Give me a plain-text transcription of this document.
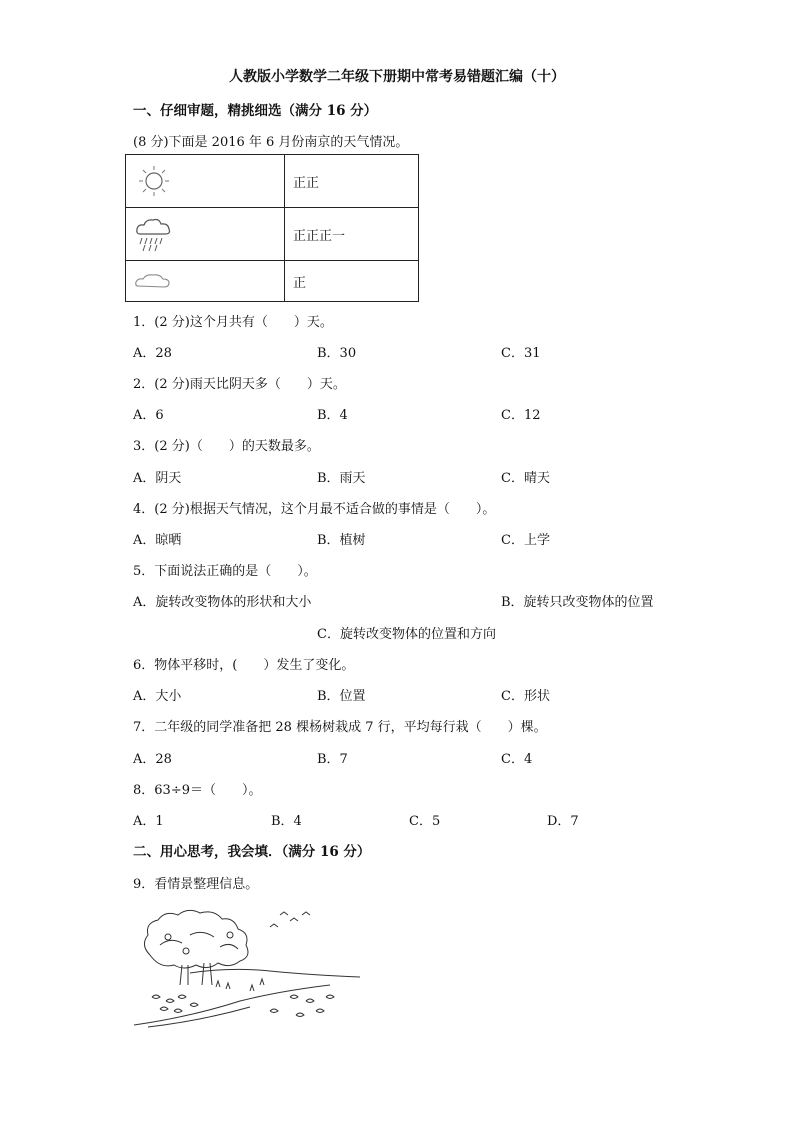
人教版小学数学二年级下册期中常考易错题汇编（十）
一、仔细审题，精挑细选（满分 16 分）
(8 分)下面是 2016 年 6 月份南京的天气情况。
	正正

	正正正一

	正
1．(2 分)这个月共有（　　）天。
A．28	B．30	C．31
2．(2 分)雨天比阴天多（　　）天。
A．6	B．4	C．12
3．(2 分)（　　）的天数最多。
A．阴天	B．雨天	C．晴天
4．(2 分)根据天气情况，这个月最不适合做的事情是（　　）。
A．晾晒	B．植树	C．上学
5．下面说法正确的是（　　）。
A．旋转改变物体的形状和大小	B．旋转只改变物体的位置
C．旋转改变物体的位置和方向
6．物体平移时，(　　）发生了变化。
A．大小	B．位置	C．形状
7．二年级的同学准备把 28 棵杨树栽成 7 行，平均每行栽（　　）棵。
A．28	B．7	C．4
8．63÷9＝（　　）。
A．1	B．4	C．5	D．7
二、用心思考，我会填．（满分 16 分）
9．看情景整理信息。
